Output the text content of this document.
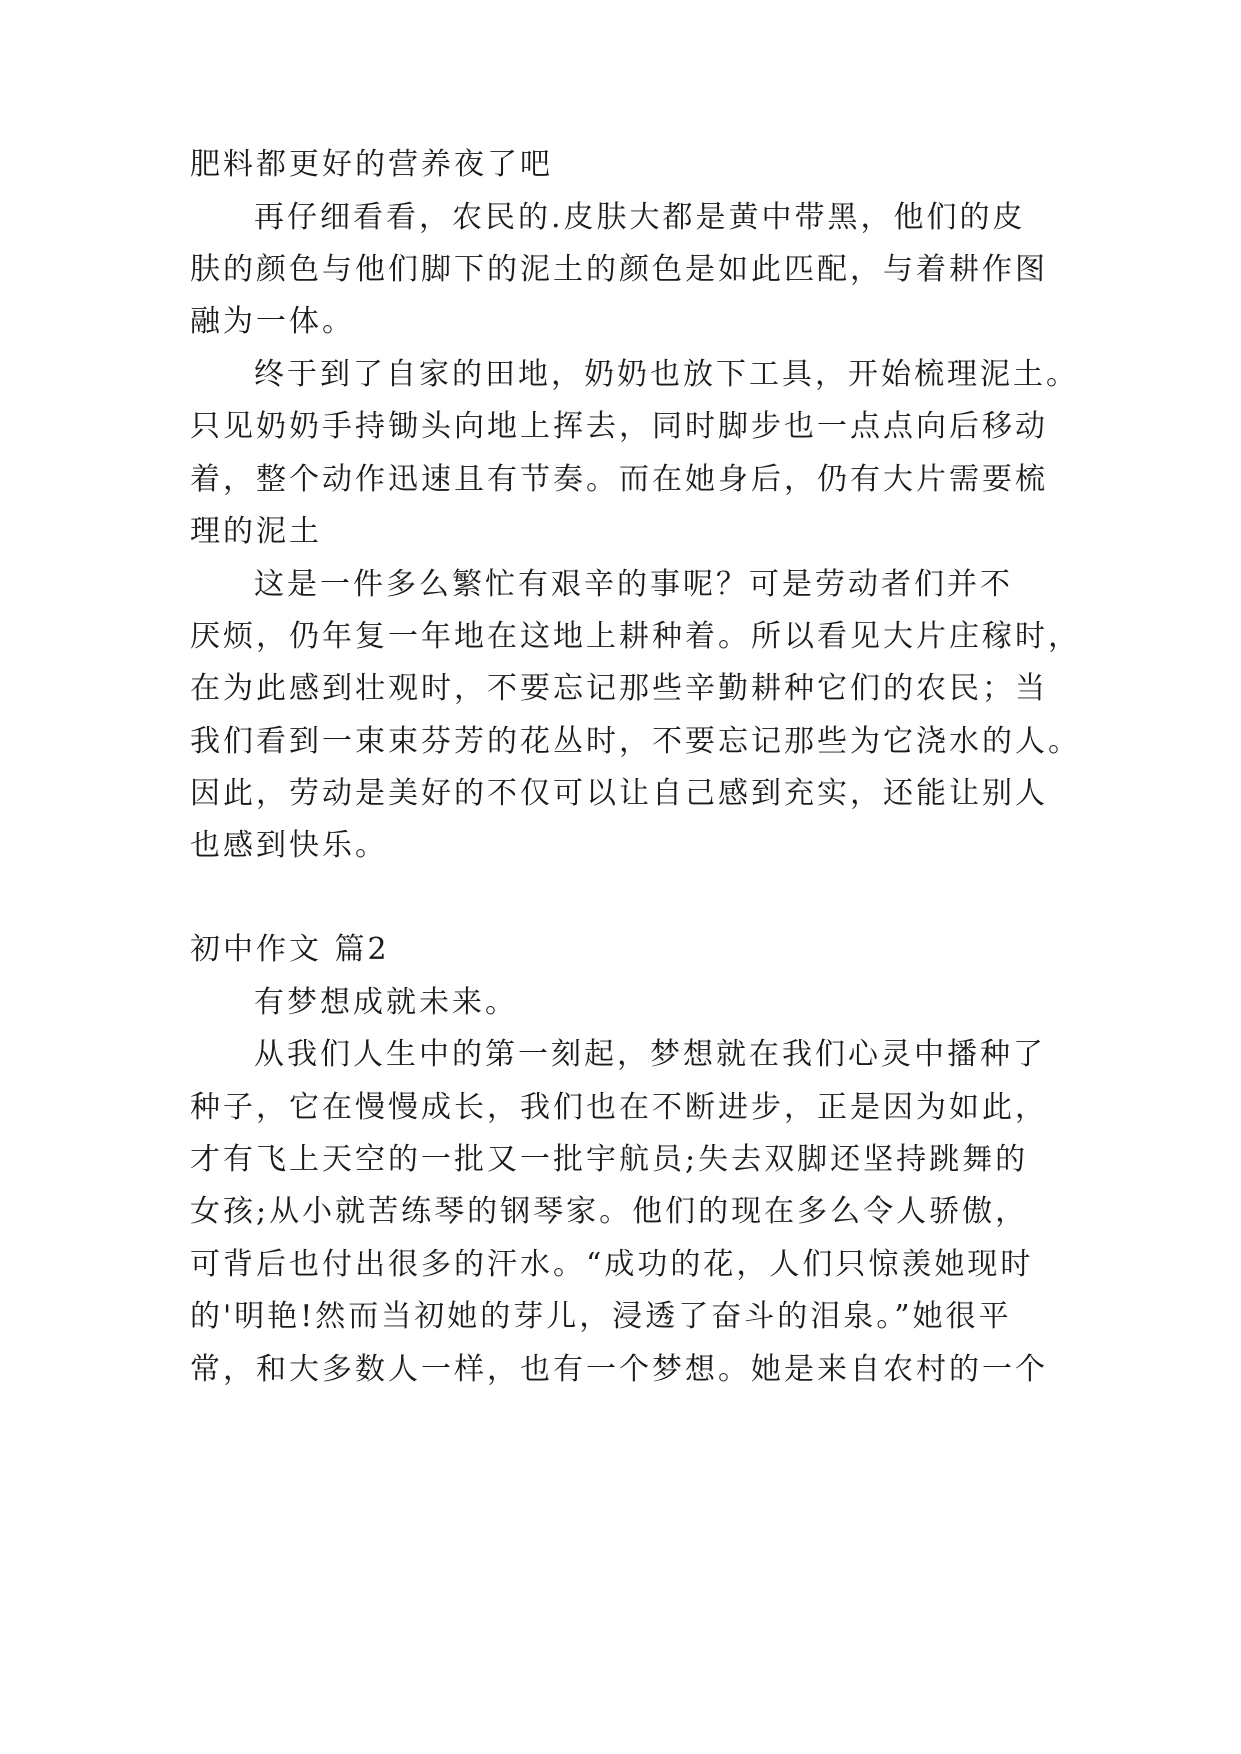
肥料都更好的营养夜了吧
再仔细看看，农民的.皮肤大都是黄中带黑，他们的皮
肤的颜色与他们脚下的泥土的颜色是如此匹配，与着耕作图
融为一体。
终于到了自家的田地，奶奶也放下工具，开始梳理泥土。
只见奶奶手持锄头向地上挥去，同时脚步也一点点向后移动
着，整个动作迅速且有节奏。而在她身后，仍有大片需要梳
理的泥土
这是一件多么繁忙有艰辛的事呢？可是劳动者们并不
厌烦，仍年复一年地在这地上耕种着。所以看见大片庄稼时，
在为此感到壮观时，不要忘记那些辛勤耕种它们的农民；当
我们看到一束束芬芳的花丛时，不要忘记那些为它浇水的人。
因此，劳动是美好的不仅可以让自己感到充实，还能让别人
也感到快乐。
初中作文 篇2
有梦想成就未来。
从我们人生中的第一刻起，梦想就在我们心灵中播种了
种子，它在慢慢成长，我们也在不断进步，正是因为如此，
才有飞上天空的一批又一批宇航员;失去双脚还坚持跳舞的
女孩;从小就苦练琴的钢琴家。他们的现在多么令人骄傲，
可背后也付出很多的汗水。“成功的花，人们只惊羡她现时
的'明艳!然而当初她的芽儿，浸透了奋斗的泪泉。”她很平
常，和大多数人一样，也有一个梦想。她是来自农村的一个
